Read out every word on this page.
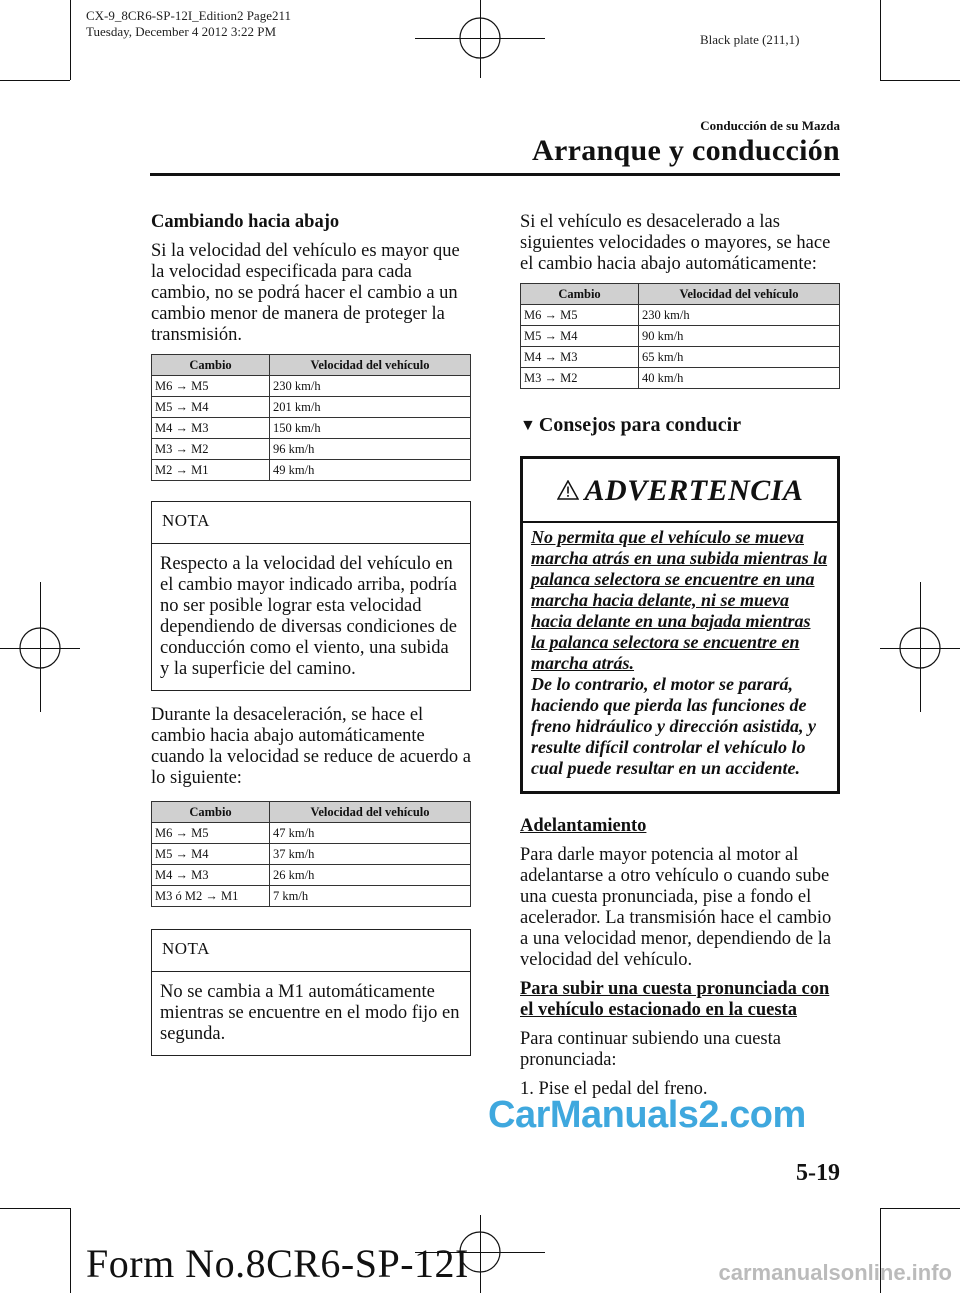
CX-9_8CR6-SP-12I_Edition2 Page211
Tuesday, December 4 2012 3:22 PM
Black plate (211,1)
Conducción de su Mazda
Arranque y conducción
Cambiando hacia abajo
Si la velocidad del vehículo es mayor que la velocidad especificada para cada cambio, no se podrá hacer el cambio a un cambio menor de manera de proteger la transmisión.
Cambio	Velocidad del vehículo
M6 → M5	230 km/h
M5 → M4	201 km/h
M4 → M3	150 km/h
M3 → M2	96 km/h
M2 → M1	49 km/h
NOTA
Respecto a la velocidad del vehículo en el cambio mayor indicado arriba, podría no ser posible lograr esta velocidad dependiendo de diversas condiciones de conducción como el viento, una subida y la superficie del camino.
Durante la desaceleración, se hace el cambio hacia abajo automáticamente cuando la velocidad se reduce de acuerdo a lo siguiente:
Cambio	Velocidad del vehículo
M6 → M5	47 km/h
M5 → M4	37 km/h
M4 → M3	26 km/h
M3 ó M2 → M1	7 km/h
NOTA
No se cambia a M1 automáticamente mientras se encuentre en el modo fijo en segunda.
Si el vehículo es desacelerado a las siguientes velocidades o mayores, se hace el cambio hacia abajo automáticamente:
Cambio	Velocidad del vehículo
M6 → M5	230 km/h
M5 → M4	90 km/h
M4 → M3	65 km/h
M3 → M2	40 km/h
▼ Consejos para conducir
ADVERTENCIA
No permita que el vehículo se mueva marcha atrás en una subida mientras la palanca selectora se encuentre en una marcha hacia delante, ni se mueva hacia delante en una bajada mientras la palanca selectora se encuentre en marcha atrás.
De lo contrario, el motor se parará, haciendo que pierda las funciones de freno hidráulico y dirección asistida, y resulte difícil controlar el vehículo lo cual puede resultar en un accidente.
Adelantamiento
Para darle mayor potencia al motor al adelantarse a otro vehículo o cuando sube una cuesta pronunciada, pise a fondo el acelerador. La transmisión hace el cambio a una velocidad menor, dependiendo de la velocidad del vehículo.
Para subir una cuesta pronunciada con el vehículo estacionado en la cuesta
Para continuar subiendo una cuesta pronunciada:
1. Pise el pedal del freno.
5-19
CarManuals2.com
Form No.8CR6-SP-12I	carmanualsonline.info
